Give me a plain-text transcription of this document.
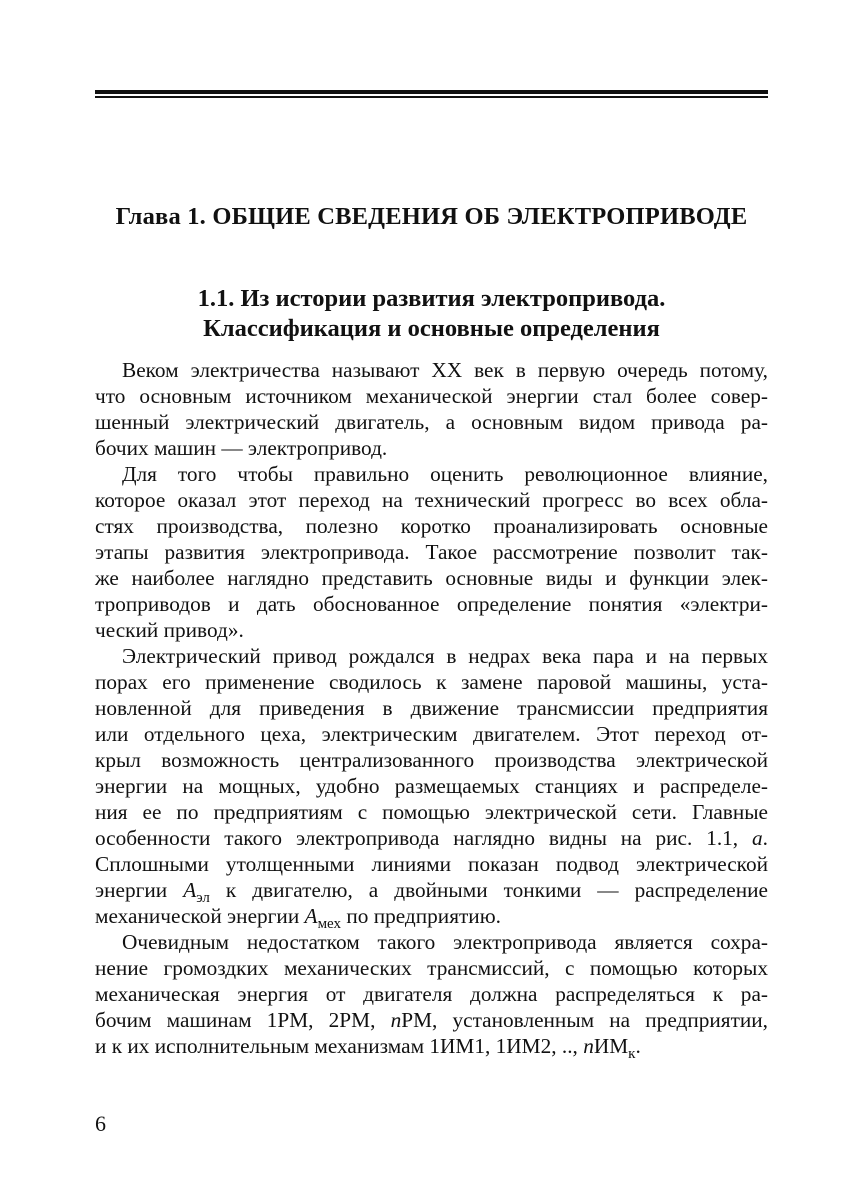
Глава 1. ОБЩИЕ СВЕДЕНИЯ ОБ ЭЛЕКТРОПРИВОДЕ
1.1. Из истории развития электропривода.
Классификация и основные определения
Веком электричества называют XX век в первую очередь потому,
что основным источником механической энергии стал более совер-
шенный электрический двигатель, а основным видом привода ра-
бочих машин — электропривод.
Для того чтобы правильно оценить революционное влияние,
которое оказал этот переход на технический прогресс во всех обла-
стях производства, полезно коротко проанализировать основные
этапы развития электропривода. Такое рассмотрение позволит так-
же наиболее наглядно представить основные виды и функции элек-
троприводов и дать обоснованное определение понятия «электри-
ческий привод».
Электрический привод рождался в недрах века пара и на первых
порах его применение сводилось к замене паровой машины, уста-
новленной для приведения в движение трансмиссии предприятия
или отдельного цеха, электрическим двигателем. Этот переход от-
крыл возможность централизованного производства электрической
энергии на мощных, удобно размещаемых станциях и распределе-
ния ее по предприятиям с помощью электрической сети. Главные
особенности такого электропривода наглядно видны на рис. 1.1, а.
Сплошными утолщенными линиями показан подвод электрической
энергии $A_{эл}$ к двигателю, а двойными тонкими — распределение
механической энергии $A_{мех}$ по предприятию.
Очевидным недостатком такого электропривода является сохра-
нение громоздких механических трансмиссий, с помощью которых
механическая энергия от двигателя должна распределяться к ра-
бочим машинам 1РМ, 2РМ, nРМ, установленным на предприятии,
и к их исполнительным механизмам 1ИМ1, 1ИМ2, .., nИМ$_к$.
6
